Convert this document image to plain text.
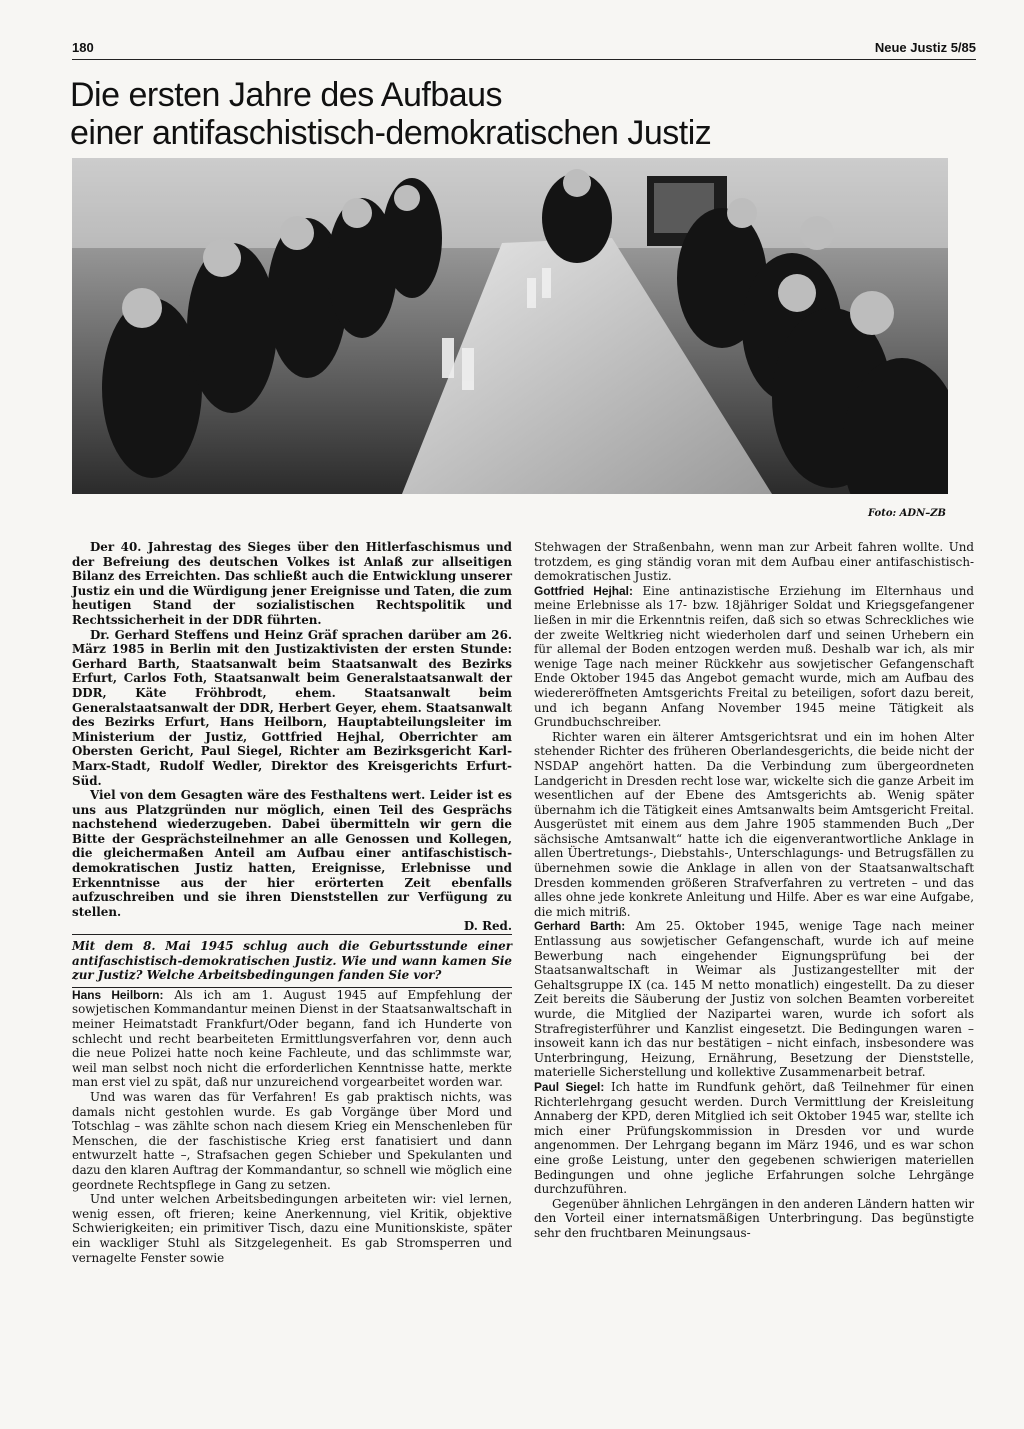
180	Neue Justiz 5/85
Die ersten Jahre des Aufbaus
einer antifaschistisch-demokratischen Justiz
Foto: ADN–ZB

Der 40. Jahrestag des Sieges über den Hitlerfaschismus und der Befreiung des deutschen Volkes ist Anlaß zur allseitigen Bilanz des Erreichten. Das schließt auch die Entwicklung unserer Justiz ein und die Würdigung jener Ereignisse und Taten, die zum heutigen Stand der sozialistischen Rechtspolitik und Rechtssicherheit in der DDR führten.

Dr. Gerhard Steffens und Heinz Gräf sprachen darüber am 26. März 1985 in Berlin mit den Justizaktivisten der ersten Stunde: Gerhard Barth, Staatsanwalt beim Staatsanwalt des Bezirks Erfurt, Carlos Foth, Staatsanwalt beim Generalstaatsanwalt der DDR, Käte Fröhbrodt, ehem. Staatsanwalt beim Generalstaatsanwalt der DDR, Herbert Geyer, ehem. Staatsanwalt des Bezirks Erfurt, Hans Heilborn, Hauptabteilungsleiter im Ministerium der Justiz, Gottfried Hejhal, Oberrichter am Obersten Gericht, Paul Siegel, Richter am Bezirksgericht Karl-Marx-Stadt, Rudolf Wedler, Direktor des Kreisgerichts Erfurt-Süd.

Viel von dem Gesagten wäre des Festhaltens wert. Leider ist es uns aus Platzgründen nur möglich, einen Teil des Gesprächs nachstehend wiederzugeben. Dabei übermitteln wir gern die Bitte der Gesprächsteilnehmer an alle Genossen und Kollegen, die gleichermaßen Anteil am Aufbau einer antifaschistisch-demokratischen Justiz hatten, Ereignisse, Erlebnisse und Erkenntnisse aus der hier erörterten Zeit ebenfalls aufzuschreiben und sie ihren Dienststellen zur Verfügung zu stellen.

D. Red.

Mit dem 8. Mai 1945 schlug auch die Geburtsstunde einer antifaschistisch-demokratischen Justiz. Wie und wann kamen Sie zur Justiz? Welche Arbeitsbedingungen fanden Sie vor?

Hans Heilborn: Als ich am 1. August 1945 auf Empfehlung der sowjetischen Kommandantur meinen Dienst in der Staatsanwaltschaft in meiner Heimatstadt Frankfurt/Oder begann, fand ich Hunderte von schlecht und recht bearbeiteten Ermittlungsverfahren vor, denn auch die neue Polizei hatte noch keine Fachleute, und das schlimmste war, weil man selbst noch nicht die erforderlichen Kenntnisse hatte, merkte man erst viel zu spät, daß nur unzureichend vorgearbeitet worden war.

Und was waren das für Verfahren! Es gab praktisch nichts, was damals nicht gestohlen wurde. Es gab Vorgänge über Mord und Totschlag – was zählte schon nach diesem Krieg ein Menschenleben für Menschen, die der faschistische Krieg erst fanatisiert und dann entwurzelt hatte –, Strafsachen gegen Schieber und Spekulanten und dazu den klaren Auftrag der Kommandantur, so schnell wie möglich eine geordnete Rechtspflege in Gang zu setzen.

Und unter welchen Arbeitsbedingungen arbeiteten wir: viel lernen, wenig essen, oft frieren; keine Anerkennung, viel Kritik, objektive Schwierigkeiten; ein primitiver Tisch, dazu eine Munitionskiste, später ein wackliger Stuhl als Sitzgelegenheit. Es gab Stromsperren und vernagelte Fenster sowie

Stehwagen der Straßenbahn, wenn man zur Arbeit fahren wollte. Und trotzdem, es ging ständig voran mit dem Aufbau einer antifaschistisch-demokratischen Justiz.

Gottfried Hejhal: Eine antinazistische Erziehung im Elternhaus und meine Erlebnisse als 17- bzw. 18jähriger Soldat und Kriegsgefangener ließen in mir die Erkenntnis reifen, daß sich so etwas Schreckliches wie der zweite Weltkrieg nicht wiederholen darf und seinen Urhebern ein für allemal der Boden entzogen werden muß. Deshalb war ich, als mir wenige Tage nach meiner Rückkehr aus sowjetischer Gefangenschaft Ende Oktober 1945 das Angebot gemacht wurde, mich am Aufbau des wiedereröffneten Amtsgerichts Freital zu beteiligen, sofort dazu bereit, und ich begann Anfang November 1945 meine Tätigkeit als Grundbuchschreiber.

Richter waren ein älterer Amtsgerichtsrat und ein im hohen Alter stehender Richter des früheren Oberlandesgerichts, die beide nicht der NSDAP angehört hatten. Da die Verbindung zum übergeordneten Landgericht in Dresden recht lose war, wickelte sich die ganze Arbeit im wesentlichen auf der Ebene des Amtsgerichts ab. Wenig später übernahm ich die Tätigkeit eines Amtsanwalts beim Amtsgericht Freital. Ausgerüstet mit einem aus dem Jahre 1905 stammenden Buch „Der sächsische Amtsanwalt“ hatte ich die eigenverantwortliche Anklage in allen Übertretungs-, Diebstahls-, Unterschlagungs- und Betrugsfällen zu übernehmen sowie die Anklage in allen von der Staatsanwaltschaft Dresden kommenden größeren Strafverfahren zu vertreten – und das alles ohne jede konkrete Anleitung und Hilfe. Aber es war eine Aufgabe, die mich mitriß.

Gerhard Barth: Am 25. Oktober 1945, wenige Tage nach meiner Entlassung aus sowjetischer Gefangenschaft, wurde ich auf meine Bewerbung nach eingehender Eignungsprüfung bei der Staatsanwaltschaft in Weimar als Justizangestellter mit der Gehaltsgruppe IX (ca. 145 M netto monatlich) eingestellt. Da zu dieser Zeit bereits die Säuberung der Justiz von solchen Beamten vorbereitet wurde, die Mitglied der Naziparteі waren, wurde ich sofort als Strafregisterführer und Kanzlist eingesetzt. Die Bedingungen waren – insoweit kann ich das nur bestätigen – nicht einfach, insbesondere was Unterbringung, Heizung, Ernährung, Besetzung der Dienststelle, materielle Sicherstellung und kollektive Zusammenarbeit betraf.

Paul Siegel: Ich hatte im Rundfunk gehört, daß Teilnehmer für einen Richterlehrgang gesucht werden. Durch Vermittlung der Kreisleitung Annaberg der KPD, deren Mitglied ich seit Oktober 1945 war, stellte ich mich einer Prüfungskommission in Dresden vor und wurde angenommen. Der Lehrgang begann im März 1946, und es war schon eine große Leistung, unter den gegebenen schwierigen materiellen Bedingungen und ohne jegliche Erfahrungen solche Lehrgänge durchzuführen.

Gegenüber ähnlichen Lehrgängen in den anderen Ländern hatten wir den Vorteil einer internatsmäßigen Unterbringung. Das begünstigte sehr den fruchtbaren Meinungsaus-
